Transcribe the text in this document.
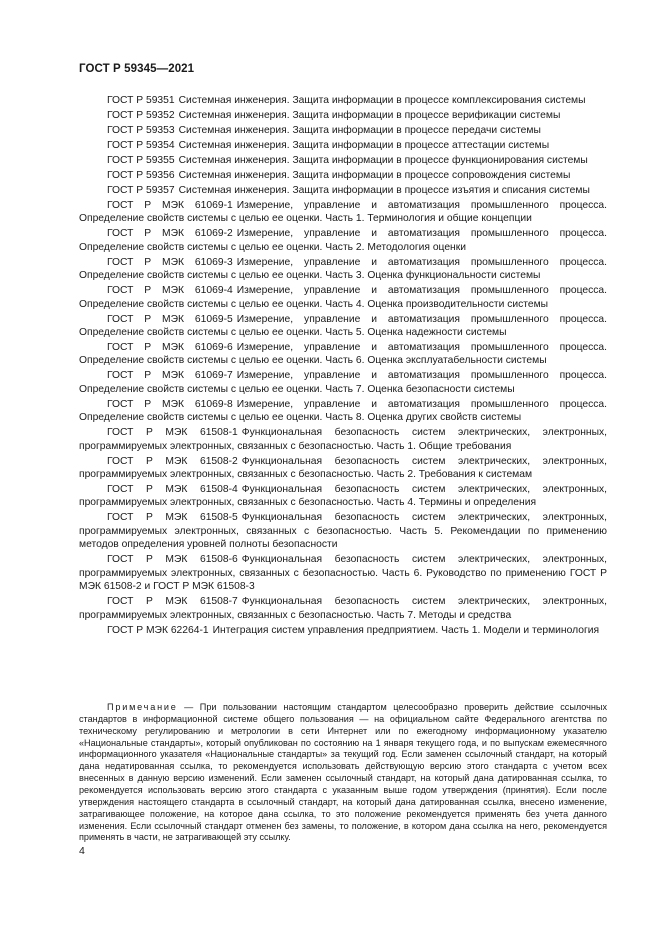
ГОСТ Р 59345—2021

ГОСТ Р 59351 Системная инженерия. Защита информации в процессе комплексирования системы

ГОСТ Р 59352 Системная инженерия. Защита информации в процессе верификации системы

ГОСТ Р 59353 Системная инженерия. Защита информации в процессе передачи системы

ГОСТ Р 59354 Системная инженерия. Защита информации в процессе аттестации системы

ГОСТ Р 59355 Системная инженерия. Защита информации в процессе функционирования системы

ГОСТ Р 59356 Системная инженерия. Защита информации в процессе сопровождения системы

ГОСТ Р 59357 Системная инженерия. Защита информации в процессе изъятия и списания системы

ГОСТ Р МЭК 61069-1 Измерение, управление и автоматизация промышленного процесса. Определение свойств системы с целью ее оценки. Часть 1. Терминология и общие концепции

ГОСТ Р МЭК 61069-2 Измерение, управление и автоматизация промышленного процесса. Определение свойств системы с целью ее оценки. Часть 2. Методология оценки

ГОСТ Р МЭК 61069-3 Измерение, управление и автоматизация промышленного процесса. Определение свойств системы с целью ее оценки. Часть 3. Оценка функциональности системы

ГОСТ Р МЭК 61069-4 Измерение, управление и автоматизация промышленного процесса. Определение свойств системы с целью ее оценки. Часть 4. Оценка производительности системы

ГОСТ Р МЭК 61069-5 Измерение, управление и автоматизация промышленного процесса. Определение свойств системы с целью ее оценки. Часть 5. Оценка надежности системы

ГОСТ Р МЭК 61069-6 Измерение, управление и автоматизация промышленного процесса. Определение свойств системы с целью ее оценки. Часть 6. Оценка эксплуатабельности системы

ГОСТ Р МЭК 61069-7 Измерение, управление и автоматизация промышленного процесса. Определение свойств системы с целью ее оценки. Часть 7. Оценка безопасности системы

ГОСТ Р МЭК 61069-8 Измерение, управление и автоматизация промышленного процесса. Определение свойств системы с целью ее оценки. Часть 8. Оценка других свойств системы

ГОСТ Р МЭК 61508-1 Функциональная безопасность систем электрических, электронных, программируемых электронных, связанных с безопасностью. Часть 1. Общие требования

ГОСТ Р МЭК 61508-2 Функциональная безопасность систем электрических, электронных, программируемых электронных, связанных с безопасностью. Часть 2. Требования к системам

ГОСТ Р МЭК 61508-4 Функциональная безопасность систем электрических, электронных, программируемых электронных, связанных с безопасностью. Часть 4. Термины и определения

ГОСТ Р МЭК 61508-5 Функциональная безопасность систем электрических, электронных, программируемых электронных, связанных с безопасностью. Часть 5. Рекомендации по применению методов определения уровней полноты безопасности

ГОСТ Р МЭК 61508-6 Функциональная безопасность систем электрических, электронных, программируемых электронных, связанных с безопасностью. Часть 6. Руководство по применению ГОСТ Р МЭК 61508-2 и ГОСТ Р МЭК 61508-3

ГОСТ Р МЭК 61508-7 Функциональная безопасность систем электрических, электронных, программируемых электронных, связанных с безопасностью. Часть 7. Методы и средства

ГОСТ Р МЭК 62264-1 Интеграция систем управления предприятием. Часть 1. Модели и терминология

Примечание — При пользовании настоящим стандартом целесообразно проверить действие ссылочных стандартов в информационной системе общего пользования — на официальном сайте Федерального агентства по техническому регулированию и метрологии в сети Интернет или по ежегодному информационному указателю «Национальные стандарты», который опубликован по состоянию на 1 января текущего года, и по выпускам ежемесячного информационного указателя «Национальные стандарты» за текущий год. Если заменен ссылочный стандарт, на который дана недатированная ссылка, то рекомендуется использовать действующую версию этого стандарта с учетом всех внесенных в данную версию изменений. Если заменен ссылочный стандарт, на который дана датированная ссылка, то рекомендуется использовать версию этого стандарта с указанным выше годом утверждения (принятия). Если после утверждения настоящего стандарта в ссылочный стандарт, на который дана датированная ссылка, внесено изменение, затрагивающее положение, на которое дана ссылка, то это положение рекомендуется применять без учета данного изменения. Если ссылочный стандарт отменен без замены, то положение, в котором дана ссылка на него, рекомендуется применять в части, не затрагивающей эту ссылку.

4
